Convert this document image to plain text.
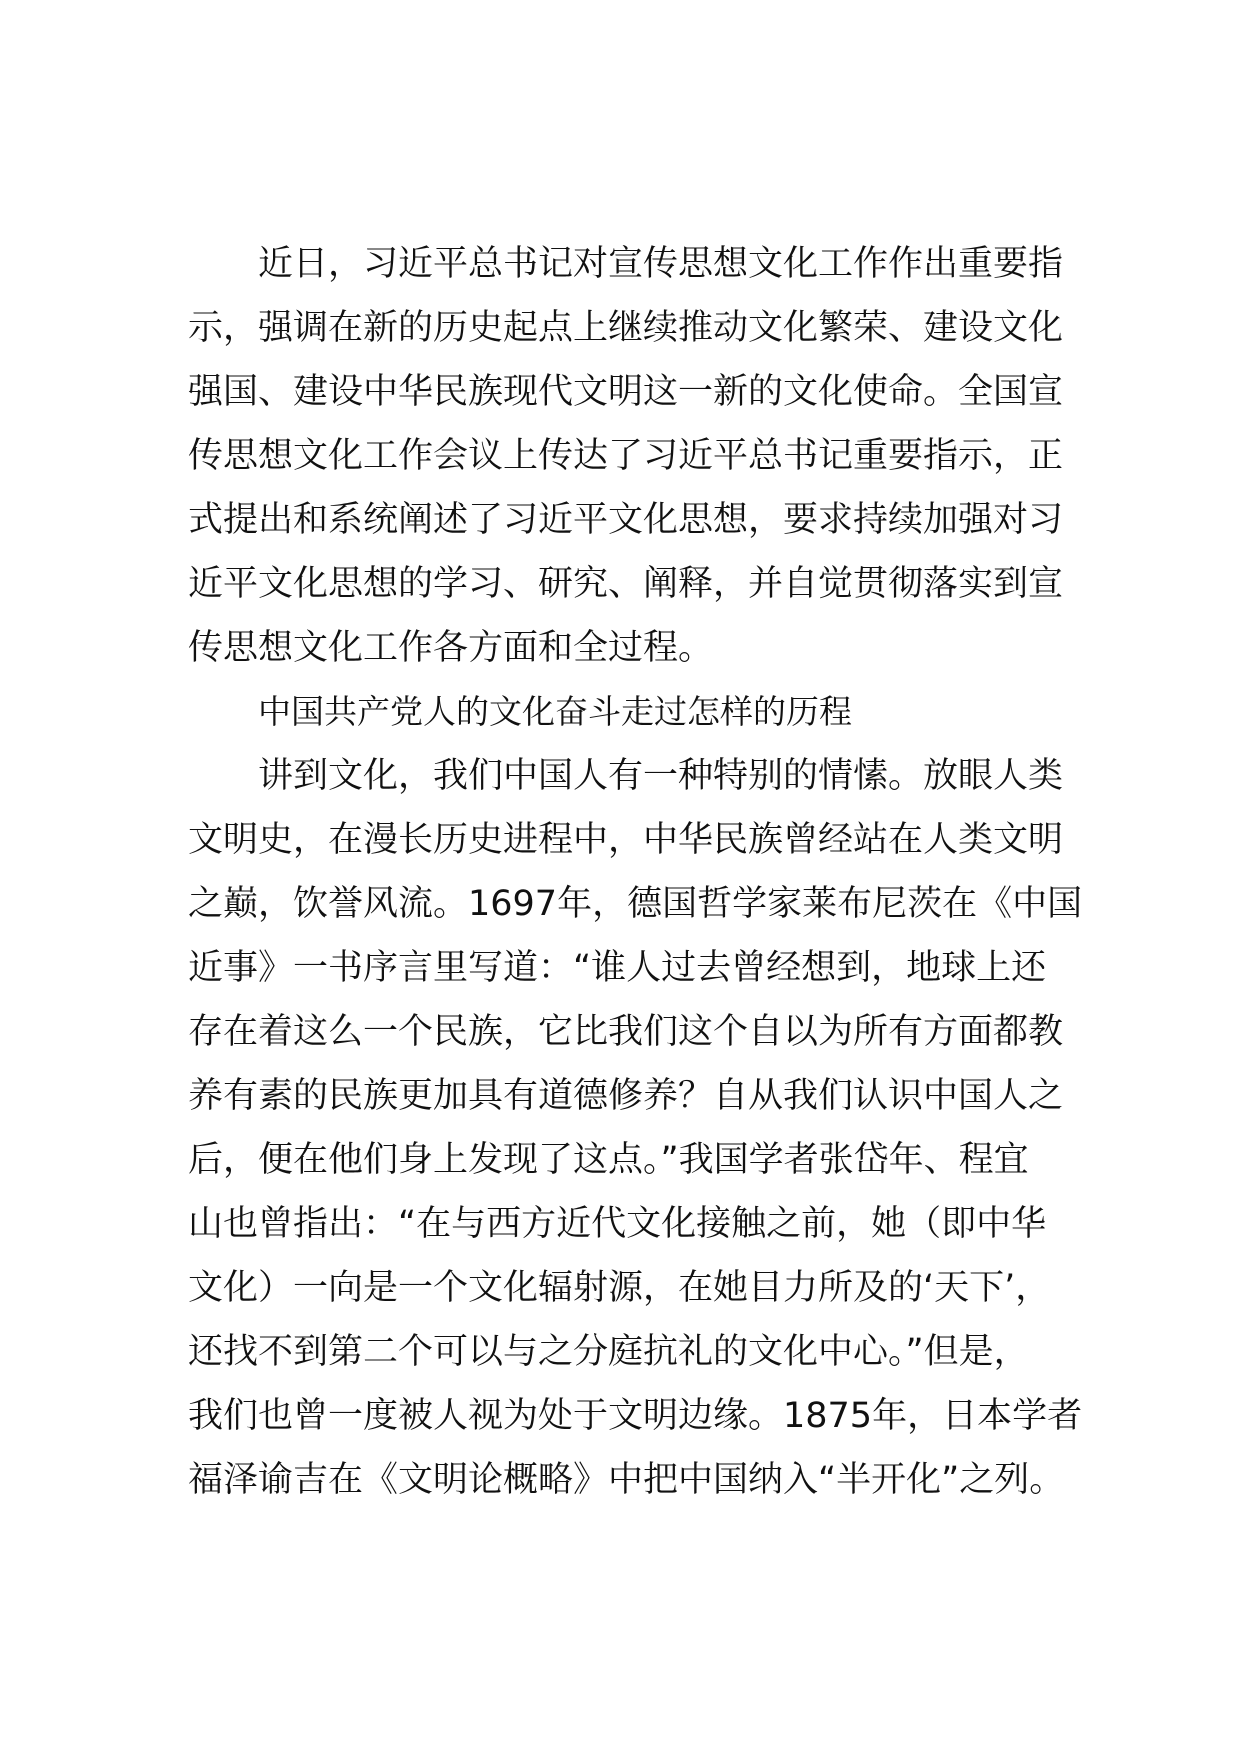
近日，习近平总书记对宣传思想文化工作作出重要指
示，强调在新的历史起点上继续推动文化繁荣、建设文化
强国、建设中华民族现代文明这一新的文化使命。全国宣
传思想文化工作会议上传达了习近平总书记重要指示，正
式提出和系统阐述了习近平文化思想，要求持续加强对习
近平文化思想的学习、研究、阐释，并自觉贯彻落实到宣
传思想文化工作各方面和全过程。
中国共产党人的文化奋斗走过怎样的历程
讲到文化，我们中国人有一种特别的情愫。放眼人类
文明史，在漫长历史进程中，中华民族曾经站在人类文明
之巅，饮誉风流。1697年，德国哲学家莱布尼茨在《中国
近事》一书序言里写道：“谁人过去曾经想到，地球上还
存在着这么一个民族，它比我们这个自以为所有方面都教
养有素的民族更加具有道德修养？自从我们认识中国人之
后，便在他们身上发现了这点。”我国学者张岱年、程宜
山也曾指出：“在与西方近代文化接触之前，她（即中华
文化）一向是一个文化辐射源，在她目力所及的‘天下’，
还找不到第二个可以与之分庭抗礼的文化中心。”但是，
我们也曾一度被人视为处于文明边缘。1875年，日本学者
福泽谕吉在《文明论概略》中把中国纳入“半开化”之列。
